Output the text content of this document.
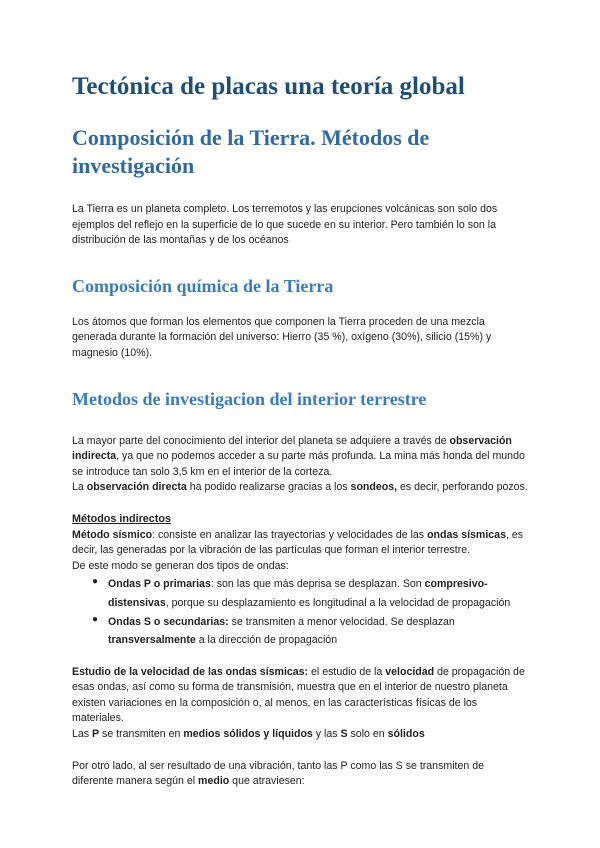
Tectónica de placas una teoría global
Composición de la Tierra. Métodos de investigación

La Tierra es un planeta completo. Los terremotos y las erupciones volcánicas son solo dos ejemplos del reflejo en la superficie de lo que sucede en su interior. Pero también lo son la distribución de las montañas y de los océanos

Composición química de la Tierra

Los átomos que forman los elementos que componen la Tierra proceden de una mezcla generada durante la formación del universo: Hierro (35 %), oxígeno (30%), silicio (15%) y magnesio (10%).

Metodos de investigacion del interior terrestre

La mayor parte del conocimiento del interior del planeta se adquiere a través de observación indirecta, ya que no podemos acceder a su parte más profunda. La mina más honda del mundo se introduce tan solo 3,5 km en el interior de la corteza.

La observación directa ha podido realizarse gracias a los sondeos, es decir, perforando pozos.

Métodos indirectos

Método sísmico: consiste en analizar las trayectorias y velocidades de las ondas sísmicas, es decir, las generadas por la vibración de las partículas que forman el interior terrestre.

De este modo se generan dos tipos de ondas:

● Ondas P o primarias: son las que más deprisa se desplazan. Son compresivo-distensivas, porque su desplazamiento es longitudinal a la velocidad de propagación
● Ondas S o secundarias: se transmiten a menor velocidad. Se desplazan transversalmente a la dirección de propagación

Estudio de la velocidad de las ondas sísmicas: el estudio de la velocidad de propagación de esas ondas, así como su forma de transmisión, muestra que en el interior de nuestro planeta existen variaciones en la composición o, al menos, en las características físicas de los materiales.

Las P se transmiten en medios sólidos y líquidos y las S solo en sólidos

Por otro lado, al ser resultado de una vibración, tanto las P como las S se transmiten de diferente manera según el medio que atraviesen:
